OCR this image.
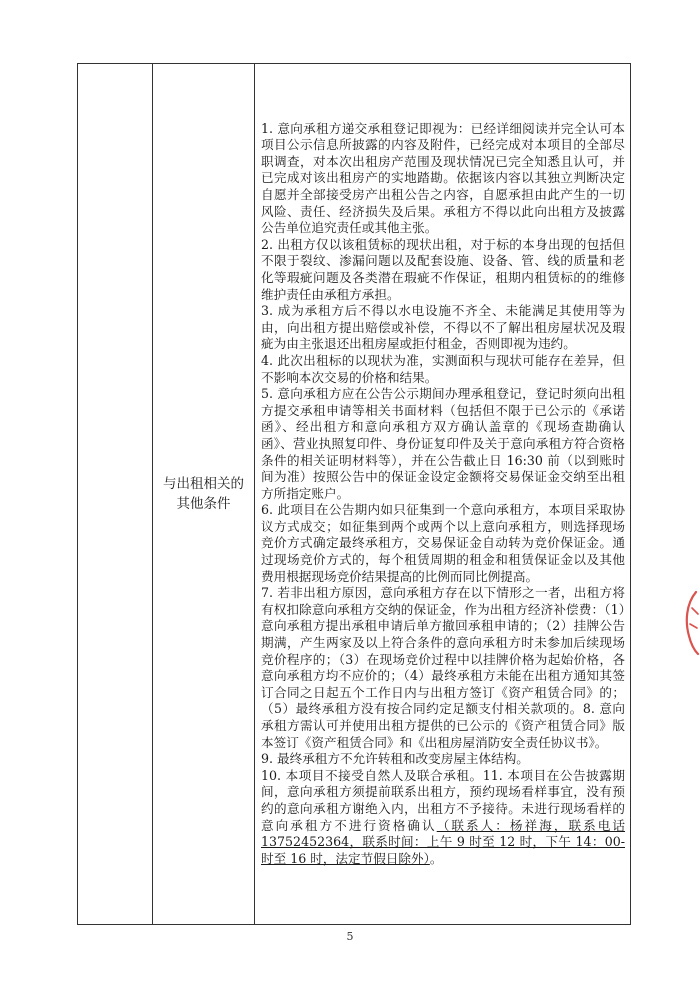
	与出租相关的其他条件	

1. 意向承租方递交承租登记即视为：已经详细阅读并完全认可本项目公示信息所披露的内容及附件，已经完成对本项目的全部尽职调查，对本次出租房产范围及现状情况已完全知悉且认可，并已完成对该出租房产的实地踏勘。依据该内容以其独立判断决定自愿并全部接受房产出租公告之内容，自愿承担由此产生的一切风险、责任、经济损失及后果。承租方不得以此向出租方及披露公告单位追究责任或其他主张。

2. 出租方仅以该租赁标的现状出租，对于标的本身出现的包括但不限于裂纹、渗漏问题以及配套设施、设备、管、线的质量和老化等瑕疵问题及各类潜在瑕疵不作保证，租期内租赁标的的维修维护责任由承租方承担。

3. 成为承租方后不得以水电设施不齐全、未能满足其使用等为由，向出租方提出赔偿或补偿，不得以不了解出租房屋状况及瑕疵为由主张退还出租房屋或拒付租金，否则即视为违约。

4. 此次出租标的以现状为准，实测面积与现状可能存在差异，但不影响本次交易的价格和结果。

5. 意向承租方应在公告公示期间办理承租登记，登记时须向出租方提交承租申请等相关书面材料（包括但不限于已公示的《承诺函》、经出租方和意向承租方双方确认盖章的《现场查勘确认函》、营业执照复印件、身份证复印件及关于意向承租方符合资格条件的相关证明材料等），并在公告截止日 16:30 前（以到账时间为准）按照公告中的保证金设定金额将交易保证金交纳至出租方所指定账户。

6. 此项目在公告期内如只征集到一个意向承租方，本项目采取协议方式成交；如征集到两个或两个以上意向承租方，则选择现场竞价方式确定最终承租方，交易保证金自动转为竞价保证金。通过现场竞价方式的，每个租赁周期的租金和租赁保证金以及其他费用根据现场竞价结果提高的比例而同比例提高。

7. 若非出租方原因，意向承租方存在以下情形之一者，出租方将有权扣除意向承租方交纳的保证金，作为出租方经济补偿费：（1）意向承租方提出承租申请后单方撤回承租申请的；（2）挂牌公告期满，产生两家及以上符合条件的意向承租方时未参加后续现场竞价程序的；（3）在现场竞价过程中以挂牌价格为起始价格，各意向承租方均不应价的；（4）最终承租方未能在出租方通知其签订合同之日起五个工作日内与出租方签订《资产租赁合同》的；（5）最终承租方没有按合同约定足额支付相关款项的。8. 意向承租方需认可并使用出租方提供的已公示的《资产租赁合同》版本签订《资产租赁合同》和《出租房屋消防安全责任协议书》。

9. 最终承租方不允许转租和改变房屋主体结构。

10. 本项目不接受自然人及联合承租。11. 本项目在公告披露期间，意向承租方须提前联系出租方，预约现场看样事宜，没有预约的意向承租方谢绝入内，出租方不予接待。未进行现场看样的意向承租方不进行资格确认（联系人：杨祥海，联系电话 13752452364，联系时间：上午 9 时至 12 时，下午 14：00-时至 16 时，法定节假日除外）。

5
